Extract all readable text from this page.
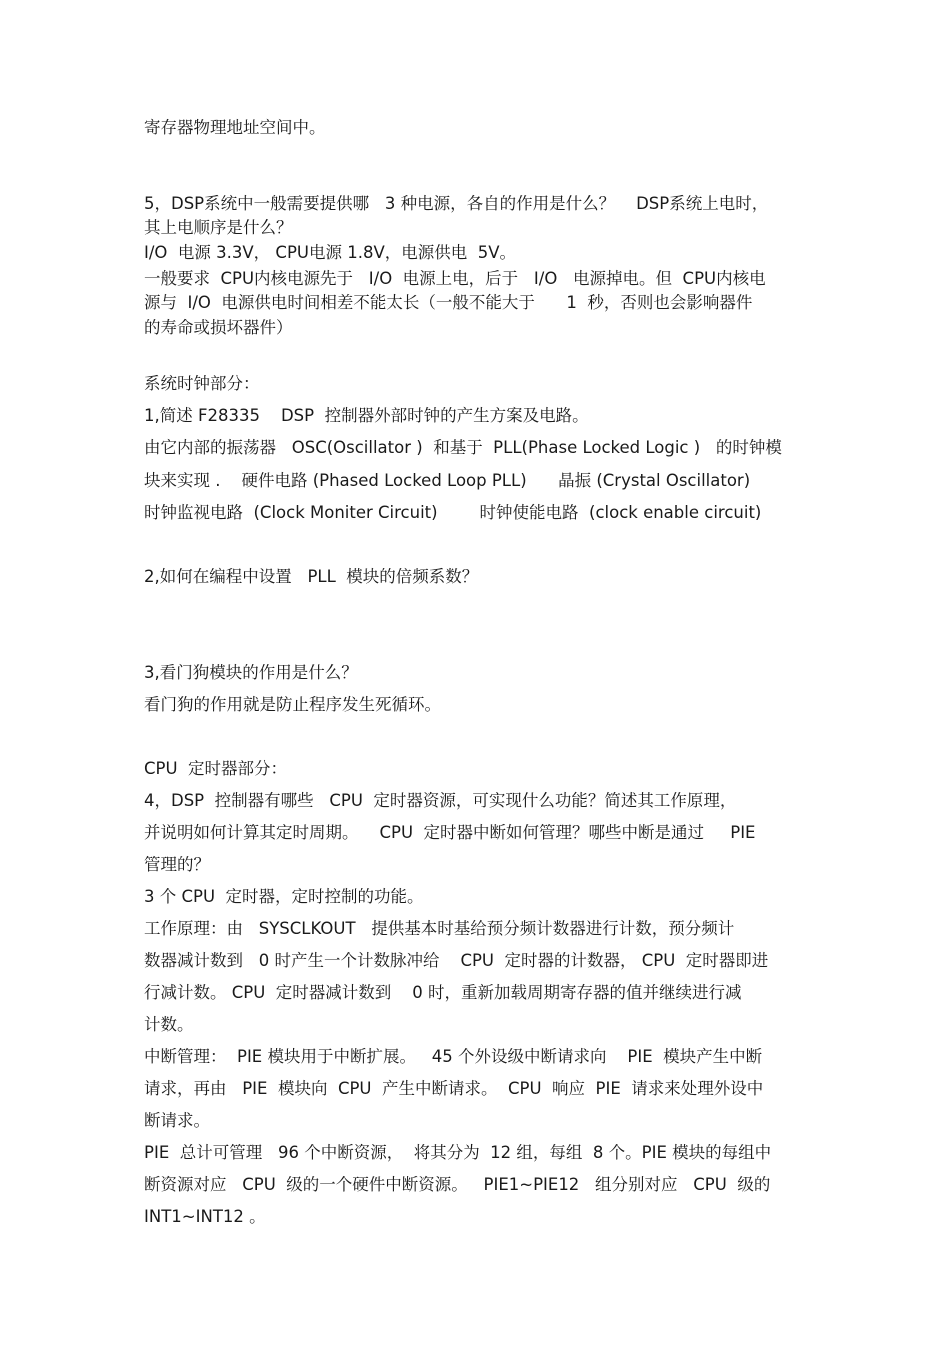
寄存器物理地址空间中。
5，DSP系统中一般需要提供哪   3 种电源，各自的作用是什么？    DSP系统上电时，
其上电顺序是什么？
I/O  电源 3.3V， CPU电源 1.8V，电源供电  5V。
一般要求  CPU内核电源先于   I/O  电源上电，后于   I/O   电源掉电。但  CPU内核电
源与  I/O  电源供电时间相差不能太长（一般不能大于      1  秒，否则也会影响器件
的寿命或损坏器件）
系统时钟部分：
1,简述 F28335    DSP  控制器外部时钟的产生方案及电路。
由它内部的振荡器   OSC(Oscillator )  和基于  PLL(Phase Locked Logic )   的时钟模
块来实现 .    硬件电路 (Phased Locked Loop PLL)      晶振 (Crystal Oscillator)
时钟监视电路  (Clock Moniter Circuit)        时钟使能电路  (clock enable circuit)
2,如何在编程中设置   PLL  模块的倍频系数？
3,看门狗模块的作用是什么？
看门狗的作用就是防止程序发生死循环。
CPU  定时器部分：
4，DSP  控制器有哪些   CPU  定时器资源，可实现什么功能？简述其工作原理，
并说明如何计算其定时周期。    CPU  定时器中断如何管理？哪些中断是通过     PIE
管理的？
3 个 CPU  定时器，定时控制的功能。
工作原理：由   SYSCLKOUT   提供基本时基给预分频计数器进行计数，预分频计
数器减计数到   0 时产生一个计数脉冲给    CPU  定时器的计数器， CPU  定时器即进
行减计数。 CPU  定时器减计数到    0 时，重新加载周期寄存器的值并继续进行减
计数。
中断管理：  PIE 模块用于中断扩展。   45 个外设级中断请求向    PIE  模块产生中断
请求，再由   PIE  模块向  CPU  产生中断请求。  CPU  响应  PIE  请求来处理外设中
断请求。
PIE  总计可管理   96 个中断资源，  将其分为  12 组，每组  8 个。PIE 模块的每组中
断资源对应   CPU  级的一个硬件中断资源。   PIE1~PIE12   组分别对应   CPU  级的
INT1~INT12 。
